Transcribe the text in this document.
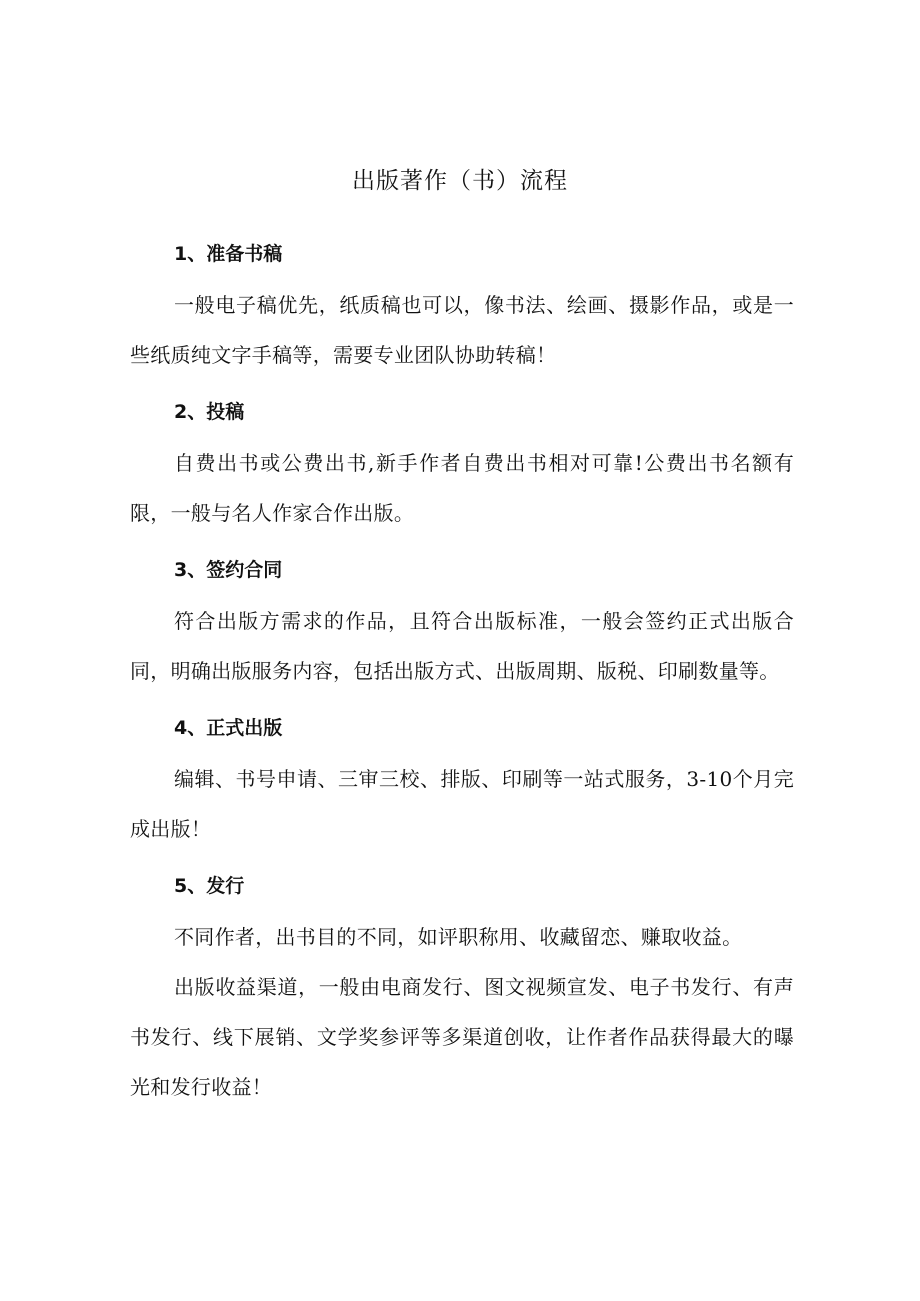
出版著作（书）流程
1、准备书稿

一般电子稿优先，纸质稿也可以，像书法、绘画、摄影作品，或是一些纸质纯文字手稿等，需要专业团队协助转稿！

2、投稿

自费出书或公费出书,新手作者自费出书相对可靠!公费出书名额有限，一般与名人作家合作出版。

3、签约合同

符合出版方需求的作品，且符合出版标准，一般会签约正式出版合同，明确出版服务内容，包括出版方式、出版周期、版税、印刷数量等。

4、正式出版

编辑、书号申请、三审三校、排版、印刷等一站式服务，3-10个月完成出版！

5、发行

不同作者，出书目的不同，如评职称用、收藏留恋、赚取收益。

出版收益渠道，一般由电商发行、图文视频宣发、电子书发行、有声书发行、线下展销、文学奖参评等多渠道创收，让作者作品获得最大的曝光和发行收益！
